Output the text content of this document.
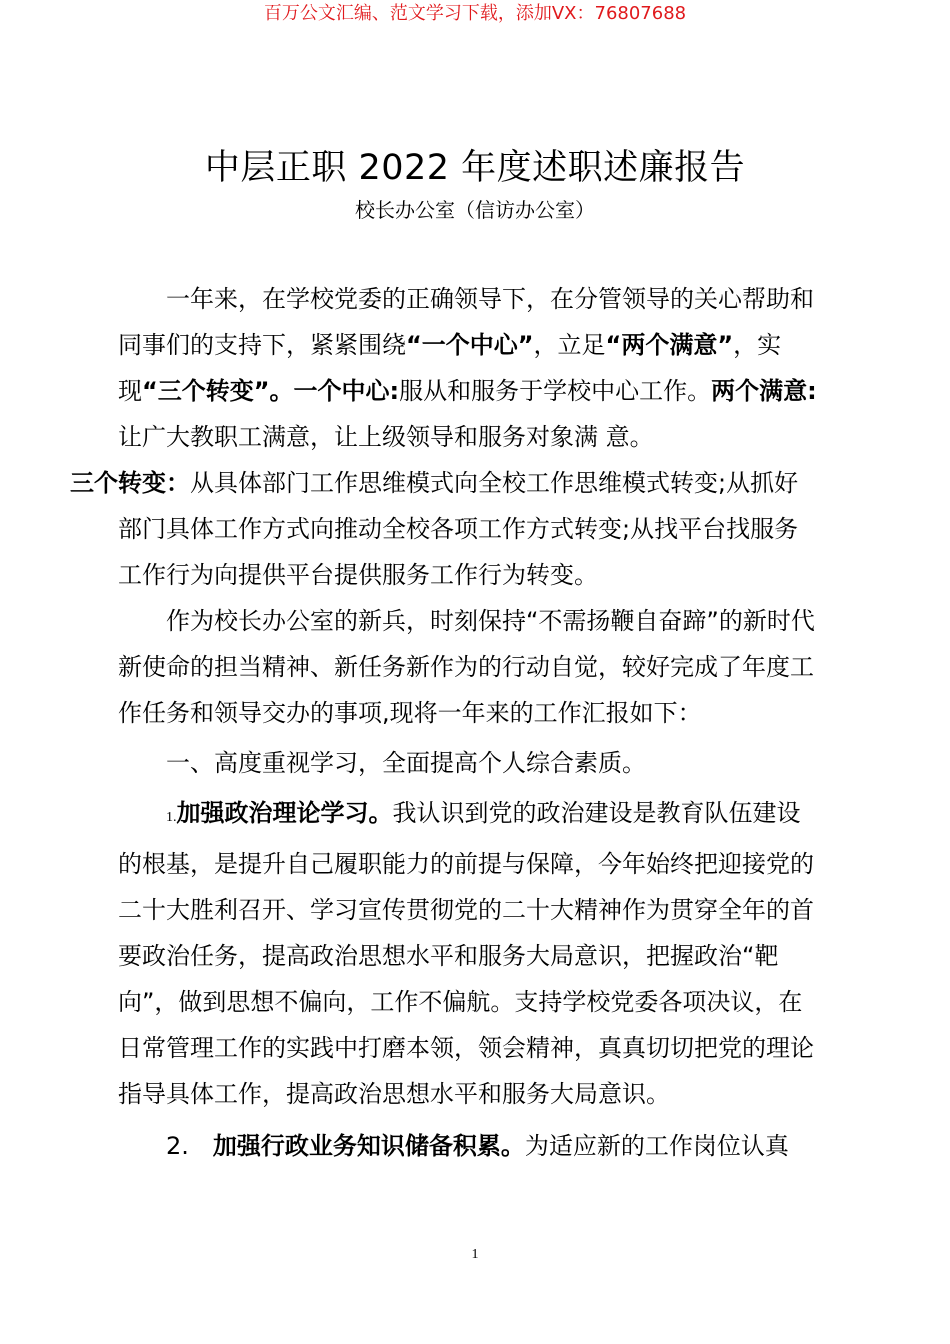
百万公文汇编、范文学习下载，添加VX：76807688
中层正职 2022 年度述职述廉报告
校长办公室（信访办公室）

一年来，在学校党委的正确领导下，在分管领导的关心帮助和同事们的支持下，紧紧围绕“一个中心”，立足“两个满意”，实现“三个转变”。一个中心:服从和服务于学校中心工作。两个满意:让广大教职工满意，让上级领导和服务对象满 意。
三个转变：从具体部门工作思维模式向全校工作思维模式转变;从抓好部门具体工作方式向推动全校各项工作方式转变;从找平台找服务工作行为向提供平台提供服务工作行为转变。

作为校长办公室的新兵，时刻保持“不需扬鞭自奋蹄”的新时代新使命的担当精神、新任务新作为的行动自觉，较好完成了年度工作任务和领导交办的事项,现将一年来的工作汇报如下：

一、高度重视学习，全面提高个人综合素质。

1.加强政治理论学习。我认识到党的政治建设是教育队伍建设的根基，是提升自己履职能力的前提与保障，今年始终把迎接党的二十大胜利召开、学习宣传贯彻党的二十大精神作为贯穿全年的首要政治任务，提高政治思想水平和服务大局意识，把握政治“靶向”，做到思想不偏向，工作不偏航。支持学校党委各项决议，在日常管理工作的实践中打磨本领，领会精神，真真切切把党的理论指导具体工作，提高政治思想水平和服务大局意识。

2.　加强行政业务知识储备积累。为适应新的工作岗位认真

1
